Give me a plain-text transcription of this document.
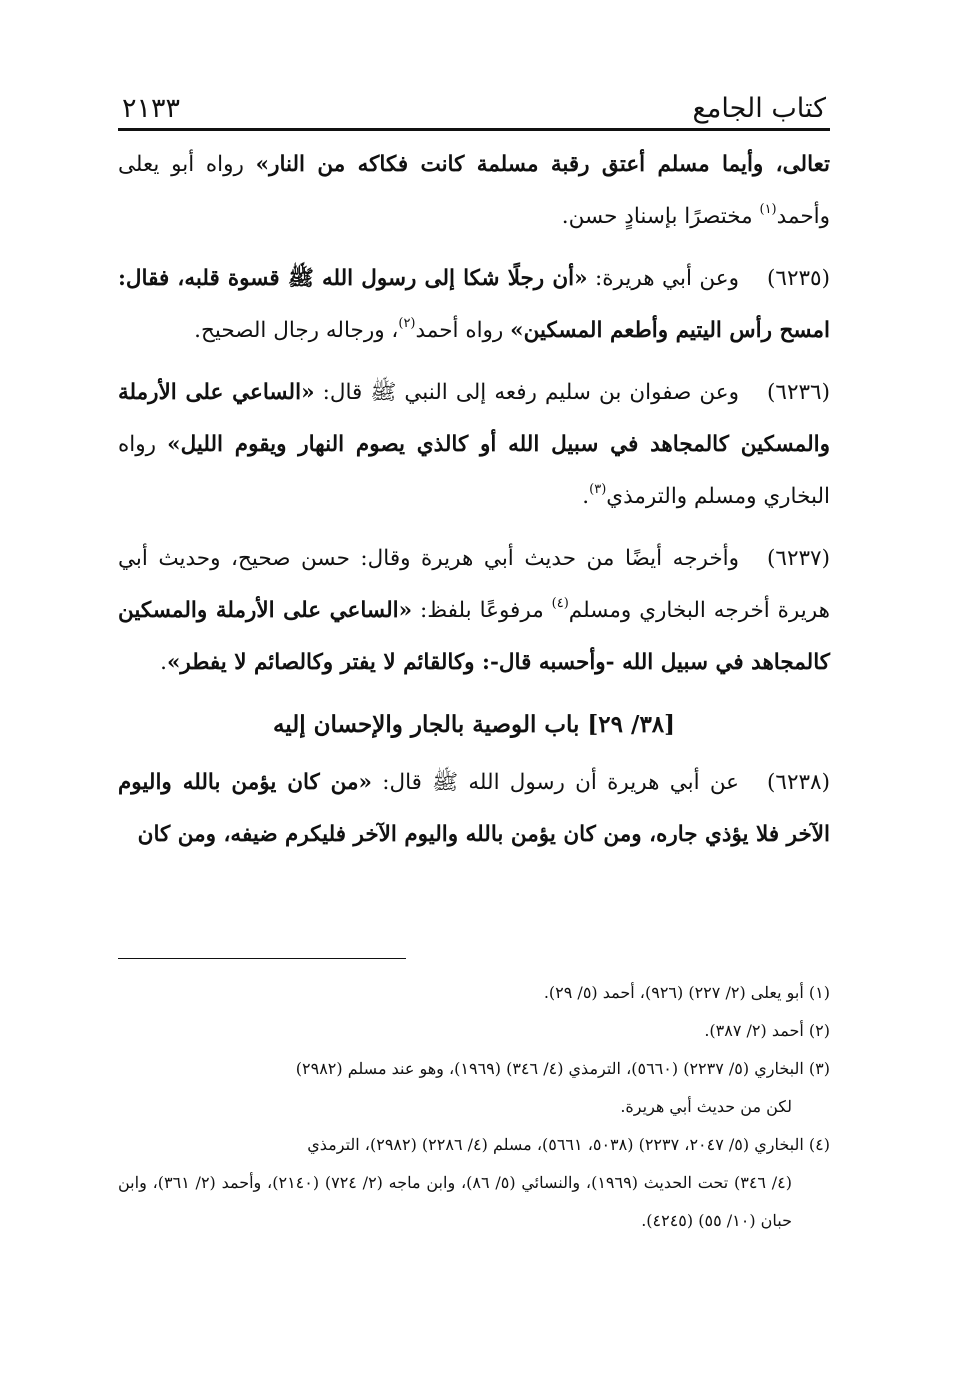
كتاب الجامع
٢١٣٣

تعالى، وأيما مسلم أعتق رقبة مسلمة كانت فكاكه من النار» رواه أبو يعلى وأحمد$^{(١)}$ مختصرًا بإسنادٍ حسن.

(٦٢٣٥)وعن أبي هريرة: «أن رجلًا شكا إلى رسول الله ﷺ قسوة قلبه، فقال: امسح رأس اليتيم وأطعم المسكين» رواه أحمد$^{(٢)}$، ورجاله رجال الصحيح.

(٦٢٣٦)وعن صفوان بن سليم رفعه إلى النبي ﷺ قال: «الساعي على الأرملة والمسكين كالمجاهد في سبيل الله أو كالذي يصوم النهار ويقوم الليل» رواه البخاري ومسلم والترمذي$^{(٣)}$.

(٦٢٣٧)وأخرجه أيضًا من حديث أبي هريرة وقال: حسن صحيح، وحديث أبي هريرة أخرجه البخاري ومسلم$^{(٤)}$ مرفوعًا بلفظ: «الساعي على الأرملة والمسكين كالمجاهد في سبيل الله -وأحسبه قال-: وكالقائم لا يفتر وكالصائم لا يفطر».

[٣٨/ ٢٩] باب الوصية بالجار والإحسان إليه

(٦٢٣٨)عن أبي هريرة أن رسول الله ﷺ قال: «من كان يؤمن بالله واليوم الآخر فلا يؤذي جاره، ومن كان يؤمن بالله واليوم الآخر فليكرم ضيفه، ومن كان

(١) أبو يعلى (٢/ ٢٢٧) (٩٢٦)، أحمد (٥/ ٢٩).

(٢) أحمد (٢/ ٣٨٧).

(٣) البخاري (٥/ ٢٢٣٧) (٥٦٦٠)، الترمذي (٤/ ٣٤٦) (١٩٦٩)، وهو عند مسلم (٢٩٨٢)
لكن من حديث أبي هريرة.

(٤) البخاري (٥/ ٢٠٤٧، ٢٢٣٧) (٥٠٣٨، ٥٦٦١)، مسلم (٤/ ٢٢٨٦) (٢٩٨٢)، الترمذي
(٤/ ٣٤٦) تحت الحديث (١٩٦٩)، والنسائي (٥/ ٨٦)، وابن ماجه (٢/ ٧٢٤) (٢١٤٠)، وأحمد (٢/ ٣٦١)، وابن حبان (١٠/ ٥٥) (٤٢٤٥).
